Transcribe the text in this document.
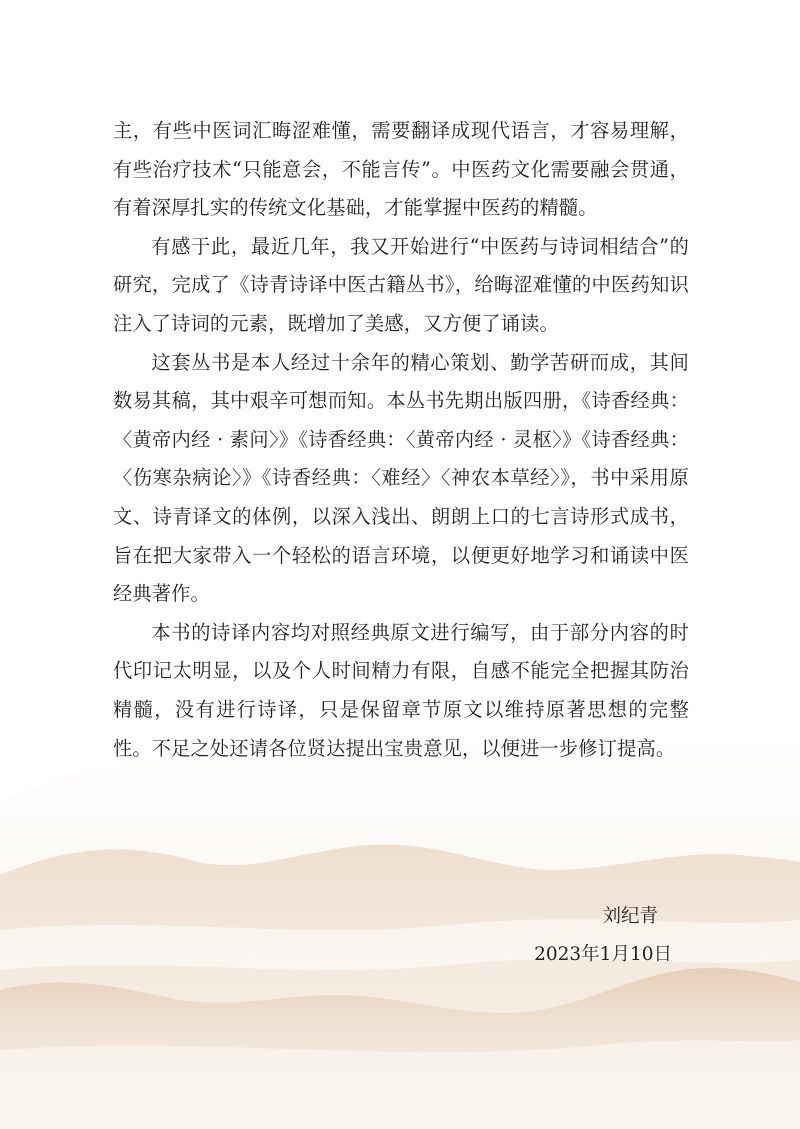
主，有些中医词汇晦涩难懂，需要翻译成现代语言，才容易理解，有些治疗技术“只能意会，不能言传”。中医药文化需要融会贯通，有着深厚扎实的传统文化基础，才能掌握中医药的精髓。

有感于此，最近几年，我又开始进行“中医药与诗词相结合”的研究，完成了《诗青诗译中医古籍丛书》，给晦涩难懂的中医药知识注入了诗词的元素，既增加了美感，又方便了诵读。

这套丛书是本人经过十余年的精心策划、勤学苦研而成，其间数易其稿，其中艰辛可想而知。本丛书先期出版四册，《诗香经典：〈黄帝内经 · 素问〉》《诗香经典：〈黄帝内经 · 灵枢〉》《诗香经典：〈伤寒杂病论〉》《诗香经典：〈难经〉〈神农本草经〉》，书中采用原文、诗青译文的体例，以深入浅出、朗朗上口的七言诗形式成书，旨在把大家带入一个轻松的语言环境，以便更好地学习和诵读中医经典著作。

本书的诗译内容均对照经典原文进行编写，由于部分内容的时代印记太明显，以及个人时间精力有限，自感不能完全把握其防治精髓，没有进行诗译，只是保留章节原文以维持原著思想的完整性。不足之处还请各位贤达提出宝贵意见，以便进一步修订提高。

刘纪青
2023年1月10日
